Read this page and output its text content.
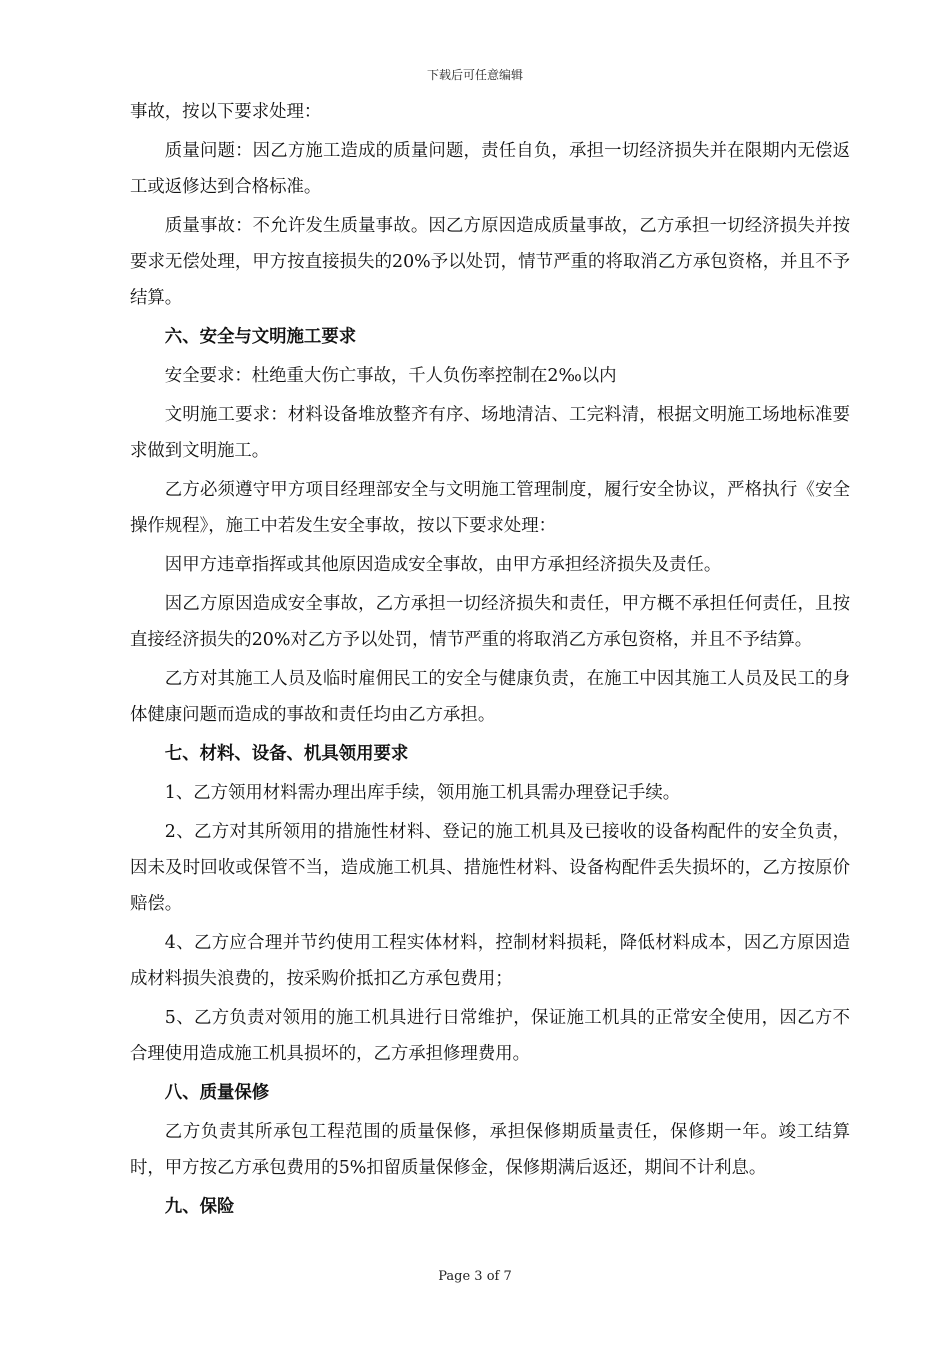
下载后可任意编辑

事故，按以下要求处理：

质量问题：因乙方施工造成的质量问题，责任自负，承担一切经济损失并在限期内无偿返工或返修达到合格标准。

质量事故：不允许发生质量事故。因乙方原因造成质量事故，乙方承担一切经济损失并按要求无偿处理，甲方按直接损失的20%予以处罚，情节严重的将取消乙方承包资格，并且不予结算。

六、安全与文明施工要求

安全要求：杜绝重大伤亡事故，千人负伤率控制在2‰以内

文明施工要求：材料设备堆放整齐有序、场地清洁、工完料清，根据文明施工场地标准要求做到文明施工。

乙方必须遵守甲方项目经理部安全与文明施工管理制度，履行安全协议，严格执行《安全操作规程》，施工中若发生安全事故，按以下要求处理：

因甲方违章指挥或其他原因造成安全事故，由甲方承担经济损失及责任。

因乙方原因造成安全事故，乙方承担一切经济损失和责任，甲方概不承担任何责任，且按直接经济损失的20%对乙方予以处罚，情节严重的将取消乙方承包资格，并且不予结算。

乙方对其施工人员及临时雇佣民工的安全与健康负责，在施工中因其施工人员及民工的身体健康问题而造成的事故和责任均由乙方承担。

七、材料、设备、机具领用要求

1、乙方领用材料需办理出库手续，领用施工机具需办理登记手续。

2、乙方对其所领用的措施性材料、登记的施工机具及已接收的设备构配件的安全负责，因未及时回收或保管不当，造成施工机具、措施性材料、设备构配件丢失损坏的，乙方按原价赔偿。

4、乙方应合理并节约使用工程实体材料，控制材料损耗，降低材料成本，因乙方原因造成材料损失浪费的，按采购价抵扣乙方承包费用；

5、乙方负责对领用的施工机具进行日常维护，保证施工机具的正常安全使用，因乙方不合理使用造成施工机具损坏的，乙方承担修理费用。

八、质量保修

乙方负责其所承包工程范围的质量保修，承担保修期质量责任，保修期一年。竣工结算时，甲方按乙方承包费用的5%扣留质量保修金，保修期满后返还，期间不计利息。

九、保险

Page 3 of 7
